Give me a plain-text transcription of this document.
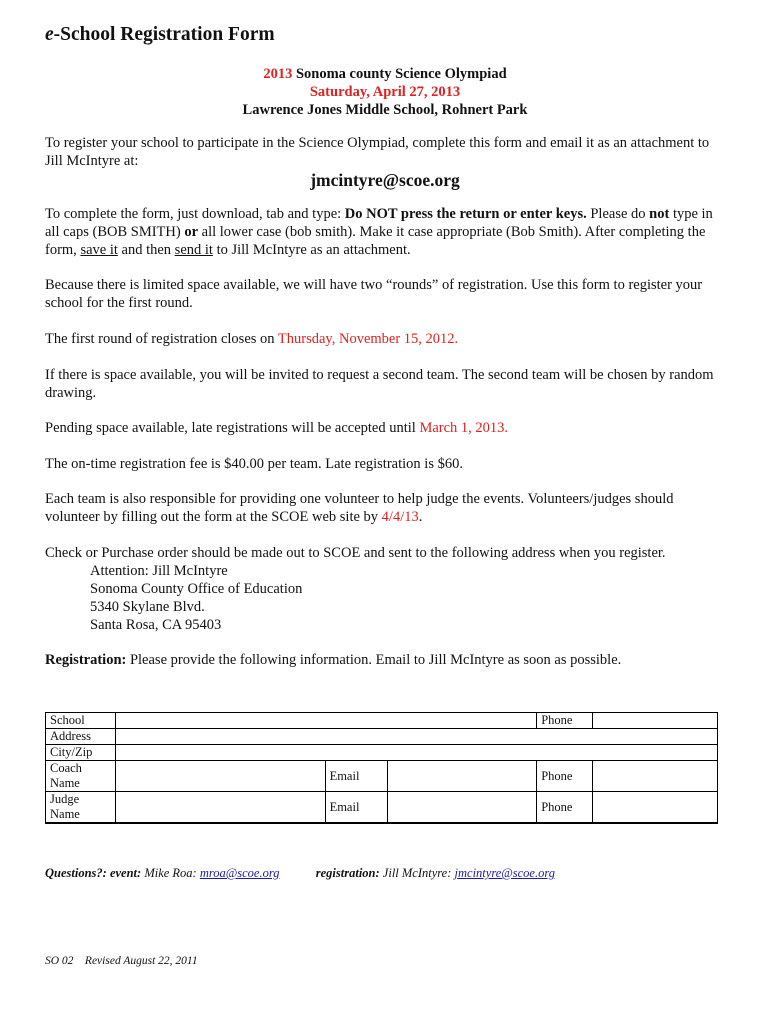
e-School Registration Form
2013 Sonoma county Science Olympiad
Saturday, April 27, 2013
Lawrence Jones Middle School, Rohnert Park
To register your school to participate in the Science Olympiad, complete this form and email it as an attachment to Jill McIntyre at:
jmcintyre@scoe.org
To complete the form, just download, tab and type: Do NOT press the return or enter keys. Please do not type in all caps (BOB SMITH) or all lower case (bob smith). Make it case appropriate (Bob Smith). After completing the form, save it and then send it to Jill McIntyre as an attachment.
Because there is limited space available, we will have two “rounds” of registration. Use this form to register your school for the first round.
The first round of registration closes on Thursday, November 15, 2012.
If there is space available, you will be invited to request a second team. The second team will be chosen by random drawing.
Pending space available, late registrations will be accepted until March 1, 2013.
The on-time registration fee is $40.00 per team. Late registration is $60.
Each team is also responsible for providing one volunteer to help judge the events. Volunteers/judges should volunteer by filling out the form at the SCOE web site by 4/4/13.
Check or Purchase order should be made out to SCOE and sent to the following address when you register.
Attention: Jill McIntyre
Sonoma County Office of Education
5340 Skylane Blvd.
Santa Rosa, CA 95403
Registration: Please provide the following information. Email to Jill McIntyre as soon as possible.
School				Phone	
Address					
City/Zip					
Coach Name		Email		Phone	
Judge Name		Email		Phone	
Questions?: event: Mike Roa: mroa@scoe.org	registration: Jill McIntyre: jmcintyre@scoe.org
SO 02    Revised August 22, 2011
